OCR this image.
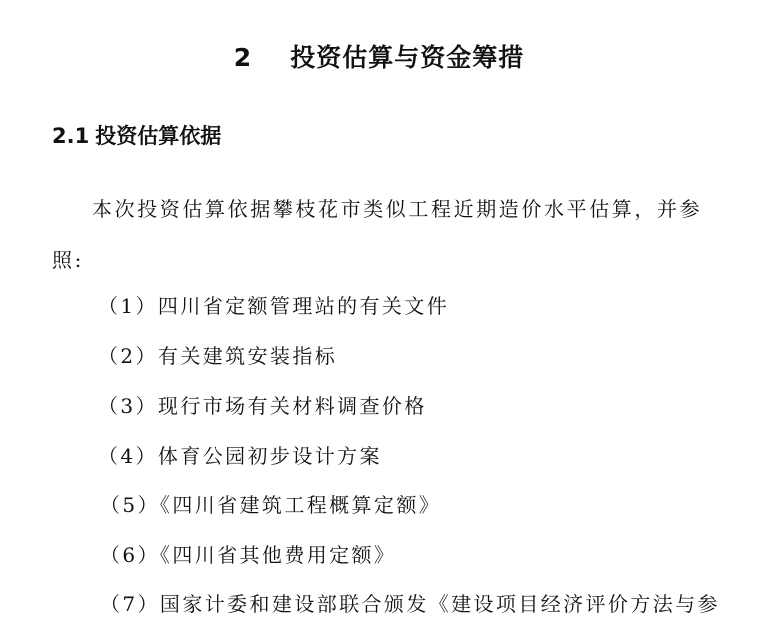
2 投资估算与资金筹措
2.1 投资估算依据

本次投资估算依据攀枝花市类似工程近期造价水平估算，并参照:

（1）四川省定额管理站的有关文件

（2）有关建筑安装指标

（3）现行市场有关材料调查价格

（4）体育公园初步设计方案

（5）《四川省建筑工程概算定额》

（6）《四川省其他费用定额》

（7）国家计委和建设部联合颁发《建设项目经济评价方法与参
